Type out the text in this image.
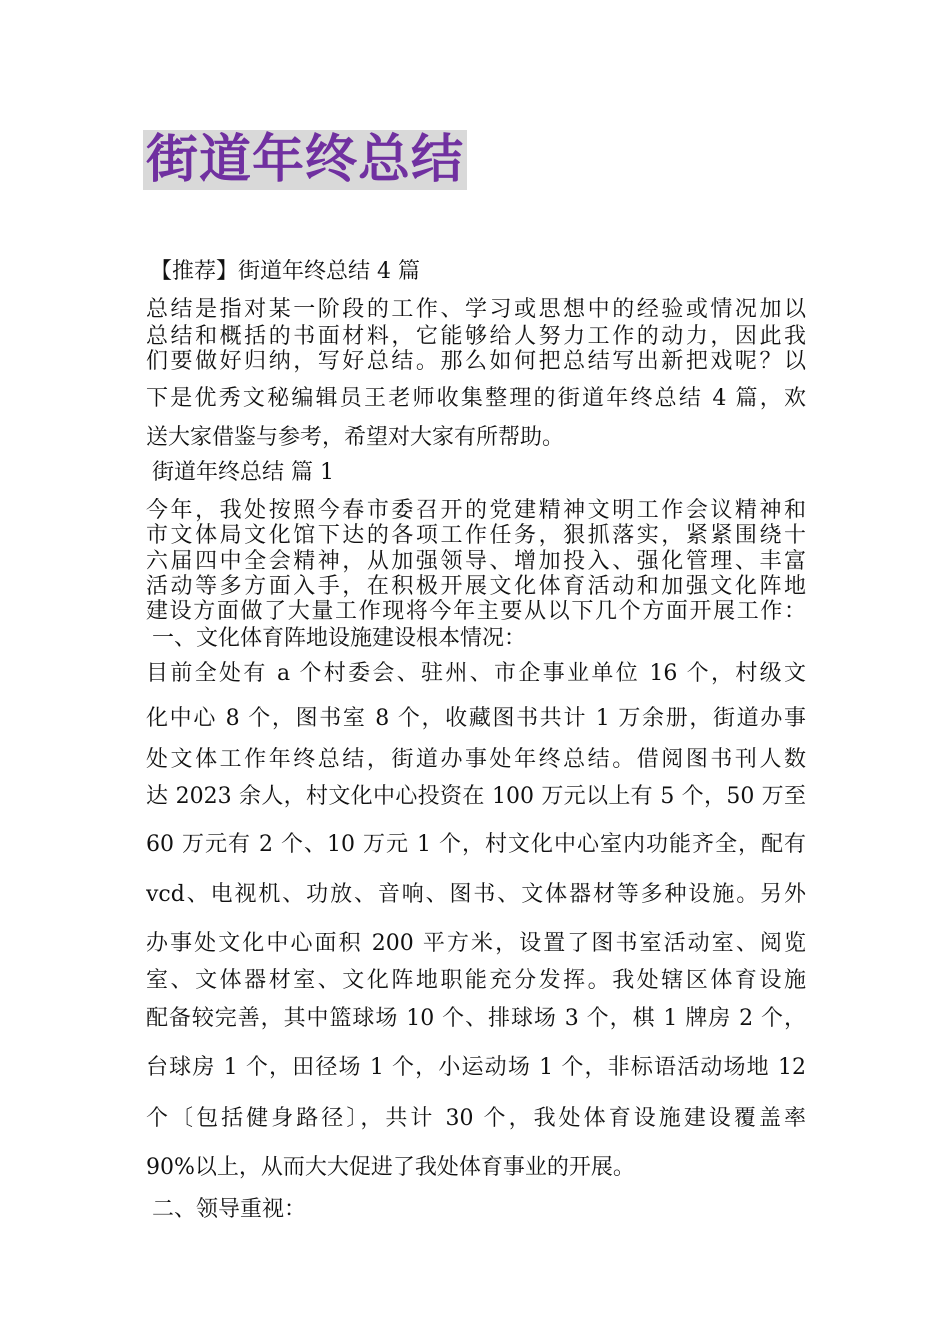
街道年终总结
【推荐】街道年终总结 4 篇
总结是指对某一阶段的工作、学习或思想中的经验或情况加以
总结和概括的书面材料，它能够给人努力工作的动力，因此我
们要做好归纳，写好总结。那么如何把总结写出新把戏呢？以
下是优秀文秘编辑员王老师收集整理的街道年终总结 4 篇，欢
送大家借鉴与参考，希望对大家有所帮助。
街道年终总结 篇 1
今年，我处按照今春市委召开的党建精神文明工作会议精神和
市文体局文化馆下达的各项工作任务，狠抓落实，紧紧围绕十
六届四中全会精神，从加强领导、增加投入、强化管理、丰富
活动等多方面入手，在积极开展文化体育活动和加强文化阵地
建设方面做了大量工作现将今年主要从以下几个方面开展工作：
一、文化体育阵地设施建设根本情况：
目前全处有 a 个村委会、驻州、市企事业单位 16 个，村级文
化中心 8 个，图书室 8 个，收藏图书共计 1 万余册，街道办事
处文体工作年终总结，街道办事处年终总结。借阅图书刊人数
达 2023 余人，村文化中心投资在 100 万元以上有 5 个，50 万至
60 万元有 2 个、10 万元 1 个，村文化中心室内功能齐全，配有
vcd、电视机、功放、音响、图书、文体器材等多种设施。另外
办事处文化中心面积 200 平方米，设置了图书室活动室、阅览
室、文体器材室、文化阵地职能充分发挥。我处辖区体育设施
配备较完善，其中篮球场 10 个、排球场 3 个，棋 1 牌房 2 个，
台球房 1 个，田径场 1 个，小运动场 1 个，非标语活动场地 12
个〔包括健身路径〕，共计 30 个，我处体育设施建设覆盖率
90%以上，从而大大促进了我处体育事业的开展。
二、领导重视：
